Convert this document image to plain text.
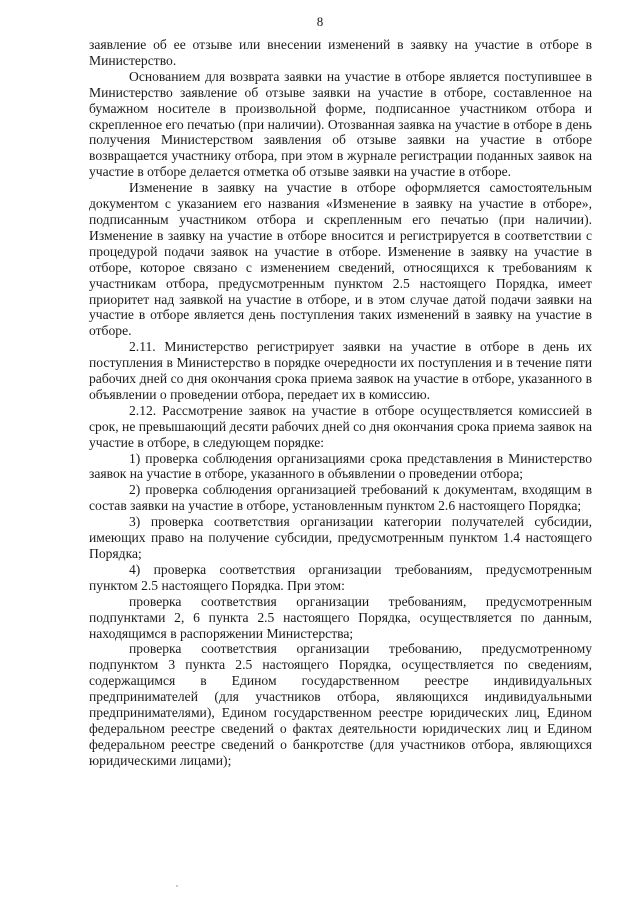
8

заявление об ее отзыве или внесении изменений в заявку на участие в отборе в Министерство.

Основанием для возврата заявки на участие в отборе является поступившее в Министерство заявление об отзыве заявки на участие в отборе, составленное на бумажном носителе в произвольной форме, подписанное участником отбора и скрепленное его печатью (при наличии). Отозванная заявка на участие в отборе в день получения Министерством заявления об отзыве заявки на участие в отборе возвращается участнику отбора, при этом в журнале регистрации поданных заявок на участие в отборе делается отметка об отзыве заявки на участие в отборе.

Изменение в заявку на участие в отборе оформляется самостоятельным документом с указанием его названия «Изменение в заявку на участие в отборе», подписанным участником отбора и скрепленным его печатью (при наличии). Изменение в заявку на участие в отборе вносится и регистрируется в соответствии с процедурой подачи заявок на участие в отборе. Изменение в заявку на участие в отборе, которое связано с изменением сведений, относящихся к требованиям к участникам отбора, предусмотренным пунктом 2.5 настоящего Порядка, имеет приоритет над заявкой на участие в отборе, и в этом случае датой подачи заявки на участие в отборе является день поступления таких изменений в заявку на участие в отборе.

2.11. Министерство регистрирует заявки на участие в отборе в день их поступления в Министерство в порядке очередности их поступления и в течение пяти рабочих дней со дня окончания срока приема заявок на участие в отборе, указанного в объявлении о проведении отбора, передает их в комиссию.

2.12. Рассмотрение заявок на участие в отборе осуществляется комиссией в срок, не превышающий десяти рабочих дней со дня окончания срока приема заявок на участие в отборе, в следующем порядке:

1) проверка соблюдения организациями срока представления в Министерство заявок на участие в отборе, указанного в объявлении о проведении отбора;

2) проверка соблюдения организацией требований к документам, входящим в состав заявки на участие в отборе, установленным пунктом 2.6 настоящего Порядка;

3) проверка соответствия организации категории получателей субсидии, имеющих право на получение субсидии, предусмотренным пунктом 1.4 настоящего Порядка;

4) проверка соответствия организации требованиям, предусмотренным пунктом 2.5 настоящего Порядка. При этом:

проверка соответствия организации требованиям, предусмотренным подпунктами 2, 6 пункта 2.5 настоящего Порядка, осуществляется по данным, находящимся в распоряжении Министерства;

проверка соответствия организации требованию, предусмотренному подпунктом 3 пункта 2.5 настоящего Порядка, осуществляется по сведениям, содержащимся в Едином государственном реестре индивидуальных предпринимателей (для участников отбора, являющихся индивидуальными предпринимателями), Едином государственном реестре юридических лиц, Едином федеральном реестре сведений о фактах деятельности юридических лиц и Едином федеральном реестре сведений о банкротстве (для участников отбора, являющихся юридическими лицами);
